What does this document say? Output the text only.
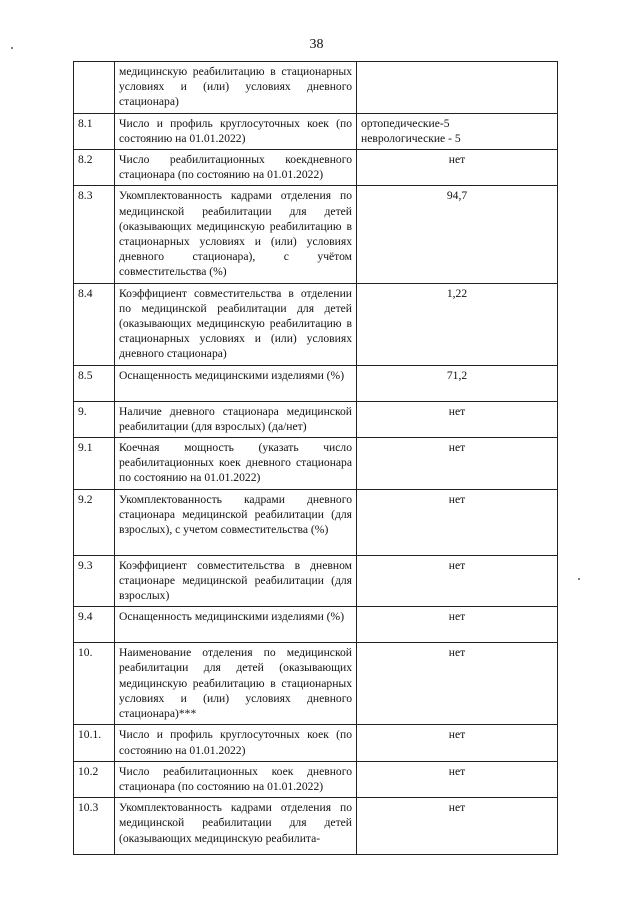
38
	медицинскую реабилитацию в стационарных условиях и (или) условиях дневного стационара)	

8.1	Число и профиль круглосуточных коек (по состоянию на 01.01.2022)	ортопедические-5
неврологические - 5

8.2	Число реабилитационных коекдневного стационара (по состоянию на 01.01.2022)	нет

8.3	Укомплектованность кадрами отделения по медицинской реабилитации для детей (оказывающих медицинскую реабилитацию в стационарных условиях и (или) условиях дневного стационара), с учётом совместительства (%)	94,7

8.4	Коэффициент совместительства в отделении по медицинской реабилитации для детей (оказывающих медицинскую реабилитацию в стационарных условиях и (или) условиях дневного стационара)	1,22

8.5	Оснащенность медицинскими изделиями (%)	71,2

9.	Наличие дневного стационара медицинской реабилитации (для взрослых) (да/нет)	нет

9.1	Коечная мощность (указать число реабилитационных коек дневного стационара по состоянию на 01.01.2022)	нет

9.2	Укомплектованность кадрами дневного стационара медицинской реабилитации (для взрослых), с учетом совместительства (%)	нет

9.3	Коэффициент совместительства в дневном стационаре медицинской реабилитации (для взрослых)	нет

9.4	Оснащенность медицинскими изделиями (%)	нет

10.	Наименование отделения по медицинской реабилитации для детей (оказывающих медицинскую реабилитацию в стационарных условиях и (или) условиях дневного стационара)***	нет

10.1.	Число и профиль круглосуточных коек (по состоянию на 01.01.2022)	нет

10.2	Число реабилитационных коек дневного стационара (по состоянию на 01.01.2022)	нет

10.3	Укомплектованность кадрами отделения по медицинской реабилитации для детей (оказывающих медицинскую реабилита-	нет
